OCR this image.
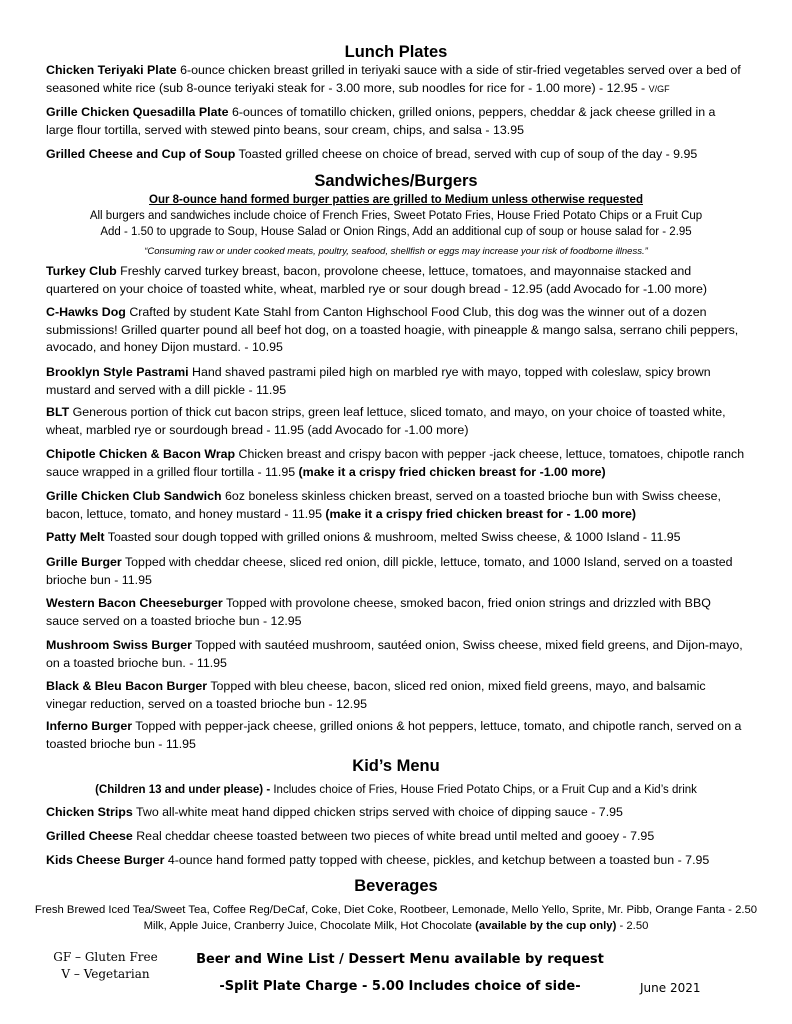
Lunch Plates
Chicken Teriyaki Plate 6-ounce chicken breast grilled in teriyaki sauce with a side of stir-fried vegetables served over a bed of seasoned white rice (sub 8-ounce teriyaki steak for - 3.00 more, sub noodles for rice for - 1.00 more) - 12.95 - V/GF
Grille Chicken Quesadilla Plate 6-ounces of tomatillo chicken, grilled onions, peppers, cheddar & jack cheese grilled in a large flour tortilla, served with stewed pinto beans, sour cream, chips, and salsa - 13.95
Grilled Cheese and Cup of Soup Toasted grilled cheese on choice of bread, served with cup of soup of the day - 9.95
Sandwiches/Burgers
Our 8-ounce hand formed burger patties are grilled to Medium unless otherwise requested
All burgers and sandwiches include choice of French Fries, Sweet Potato Fries, House Fried Potato Chips or a Fruit Cup
Add - 1.50 to upgrade to Soup, House Salad or Onion Rings, Add an additional cup of soup or house salad for - 2.95
“Consuming raw or under cooked meats, poultry, seafood, shellfish or eggs may increase your risk of foodborne illness.”
Turkey Club Freshly carved turkey breast, bacon, provolone cheese, lettuce, tomatoes, and mayonnaise stacked and quartered on your choice of toasted white, wheat, marbled rye or sour dough bread - 12.95 (add Avocado for -1.00 more)
C-Hawks Dog Crafted by student Kate Stahl from Canton Highschool Food Club, this dog was the winner out of a dozen submissions! Grilled quarter pound all beef hot dog, on a toasted hoagie, with pineapple & mango salsa, serrano chili peppers, avocado, and honey Dijon mustard. - 10.95
Brooklyn Style Pastrami Hand shaved pastrami piled high on marbled rye with mayo, topped with coleslaw, spicy brown mustard and served with a dill pickle - 11.95
BLT Generous portion of thick cut bacon strips, green leaf lettuce, sliced tomato, and mayo, on your choice of toasted white, wheat, marbled rye or sourdough bread - 11.95 (add Avocado for -1.00 more)
Chipotle Chicken & Bacon Wrap Chicken breast and crispy bacon with pepper -jack cheese, lettuce, tomatoes, chipotle ranch sauce wrapped in a grilled flour tortilla - 11.95 (make it a crispy fried chicken breast for -1.00 more)
Grille Chicken Club Sandwich 6oz boneless skinless chicken breast, served on a toasted brioche bun with Swiss cheese, bacon, lettuce, tomato, and honey mustard - 11.95 (make it a crispy fried chicken breast for - 1.00 more)
Patty Melt Toasted sour dough topped with grilled onions & mushroom, melted Swiss cheese, & 1000 Island - 11.95
Grille Burger Topped with cheddar cheese, sliced red onion, dill pickle, lettuce, tomato, and 1000 Island, served on a toasted brioche bun - 11.95
Western Bacon Cheeseburger Topped with provolone cheese, smoked bacon, fried onion strings and drizzled with BBQ sauce served on a toasted brioche bun - 12.95
Mushroom Swiss Burger Topped with sautéed mushroom, sautéed onion, Swiss cheese, mixed field greens, and Dijon-mayo, on a toasted brioche bun. - 11.95
Black & Bleu Bacon Burger Topped with bleu cheese, bacon, sliced red onion, mixed field greens, mayo, and balsamic vinegar reduction, served on a toasted brioche bun - 12.95
Inferno Burger Topped with pepper-jack cheese, grilled onions & hot peppers, lettuce, tomato, and chipotle ranch, served on a toasted brioche bun - 11.95
Kid’s Menu
(Children 13 and under please) - Includes choice of Fries, House Fried Potato Chips, or a Fruit Cup and a Kid’s drink
Chicken Strips Two all-white meat hand dipped chicken strips served with choice of dipping sauce - 7.95
Grilled Cheese Real cheddar cheese toasted between two pieces of white bread until melted and gooey - 7.95
Kids Cheese Burger 4-ounce hand formed patty topped with cheese, pickles, and ketchup between a toasted bun - 7.95
Beverages
Fresh Brewed Iced Tea/Sweet Tea, Coffee Reg/DeCaf, Coke, Diet Coke, Rootbeer, Lemonade, Mello Yello, Sprite, Mr. Pibb, Orange Fanta - 2.50
Milk, Apple Juice, Cranberry Juice, Chocolate Milk, Hot Chocolate (available by the cup only) - 2.50
GF – Gluten Free
V – Vegetarian
Beer and Wine List / Dessert Menu available by request
-Split Plate Charge - 5.00 Includes choice of side-	June 2021
